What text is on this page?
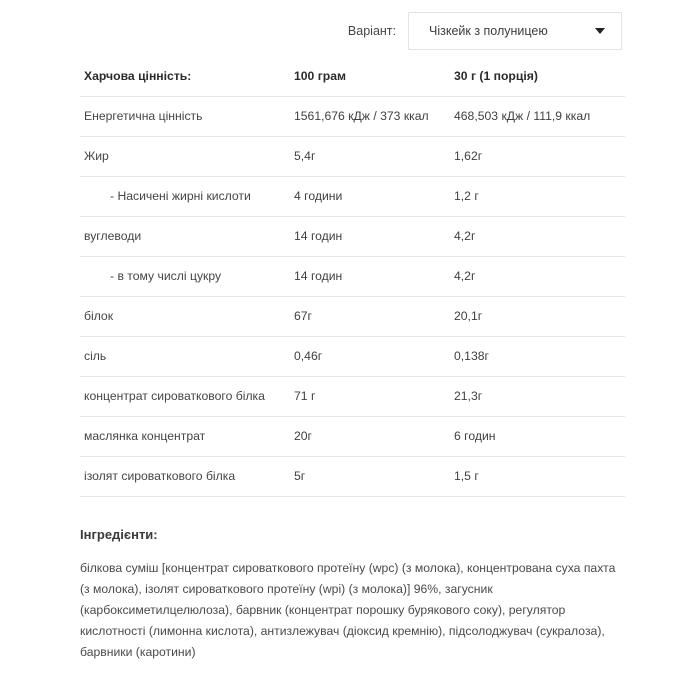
Варіант:	Чізкейк з полуницею
Харчова цінність:	100 грам	30 г (1 порція)
Енергетична цінність	1561,676 кДж / 373 ккал	468,503 кДж / 111,9 ккал
Жир	5,4г	1,62г
- Насичені жирні кислоти	4 години	1,2 г
вуглеводи	14 годин	4,2г
- в тому числі цукру	14 годин	4,2г
білок	67г	20,1г
сіль	0,46г	0,138г
концентрат сироваткового білка	71 г	21,3г
маслянка концентрат	20г	6 годин
ізолят сироваткового білка	5г	1,5 г

Інгредієнти:

білкова суміш [концентрат сироваткового протеїну (wpc) (з молока), концентрована суха пахта (з молока), ізолят сироваткового протеїну (wpi) (з молока)] 96%, загусник (карбоксиметилцелюлоза), барвник (концентрат порошку бурякового соку), регулятор кислотності (лимонна кислота), антизлежувач (діоксид кремнію), підсолоджувач (сукралоза), барвники (каротини)
